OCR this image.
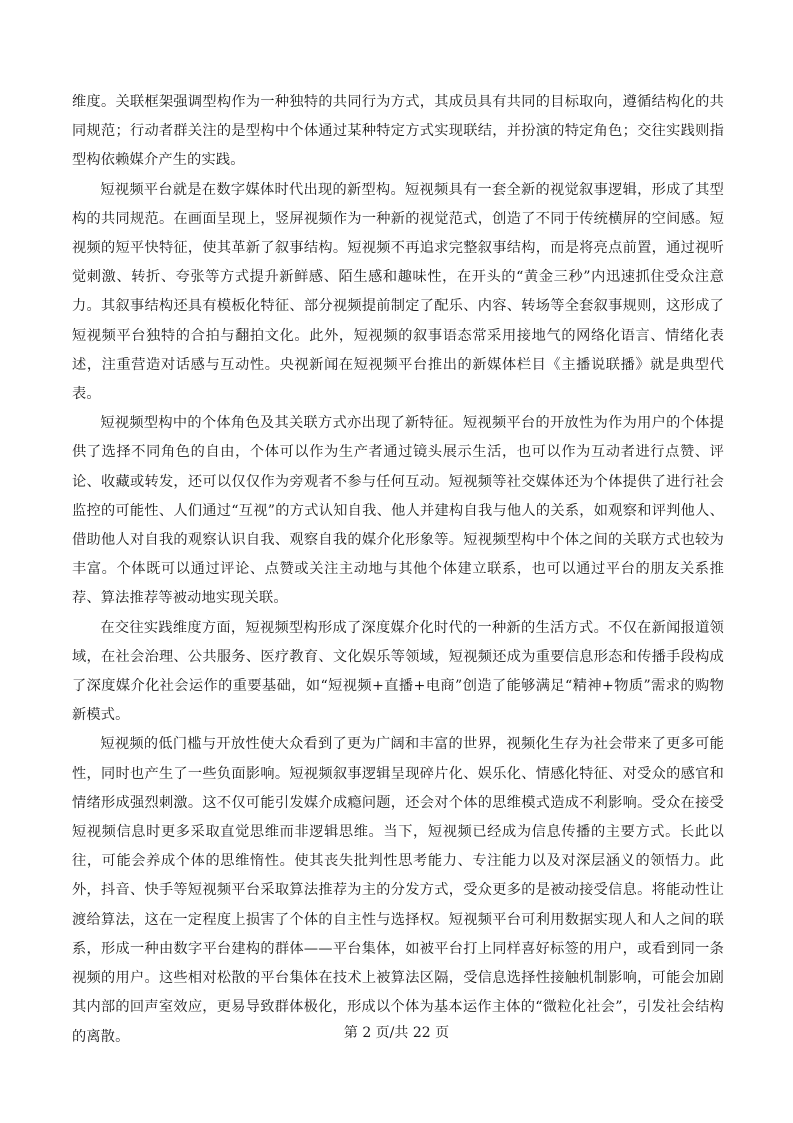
维度。关联框架强调型构作为一种独特的共同行为方式，其成员具有共同的目标取向，遵循结构化的共同规范；行动者群关注的是型构中个体通过某种特定方式实现联结，并扮演的特定角色；交往实践则指型构依赖媒介产生的实践。

短视频平台就是在数字媒体时代出现的新型构。短视频具有一套全新的视觉叙事逻辑，形成了其型构的共同规范。在画面呈现上，竖屏视频作为一种新的视觉范式，创造了不同于传统横屏的空间感。短视频的短平快特征，使其革新了叙事结构。短视频不再追求完整叙事结构，而是将亮点前置，通过视听觉刺激、转折、夸张等方式提升新鲜感、陌生感和趣味性，在开头的“黄金三秒”内迅速抓住受众注意力。其叙事结构还具有模板化特征、部分视频提前制定了配乐、内容、转场等全套叙事规则，这形成了短视频平台独特的合拍与翻拍文化。此外，短视频的叙事语态常采用接地气的网络化语言、情绪化表述，注重营造对话感与互动性。央视新闻在短视频平台推出的新媒体栏目《主播说联播》就是典型代表。

短视频型构中的个体角色及其关联方式亦出现了新特征。短视频平台的开放性为作为用户的个体提供了选择不同角色的自由，个体可以作为生产者通过镜头展示生活，也可以作为互动者进行点赞、评论、收藏或转发，还可以仅仅作为旁观者不参与任何互动。短视频等社交媒体还为个体提供了进行社会监控的可能性、人们通过“互视”的方式认知自我、他人并建构自我与他人的关系，如观察和评判他人、借助他人对自我的观察认识自我、观察自我的媒介化形象等。短视频型构中个体之间的关联方式也较为丰富。个体既可以通过评论、点赞或关注主动地与其他个体建立联系，也可以通过平台的朋友关系推荐、算法推荐等被动地实现关联。

在交往实践维度方面，短视频型构形成了深度媒介化时代的一种新的生活方式。不仅在新闻报道领域，在社会治理、公共服务、医疗教育、文化娱乐等领域，短视频还成为重要信息形态和传播手段构成了深度媒介化社会运作的重要基础，如“短视频+直播+电商”创造了能够满足“精神+物质”需求的购物新模式。

短视频的低门槛与开放性使大众看到了更为广阔和丰富的世界，视频化生存为社会带来了更多可能性，同时也产生了一些负面影响。短视频叙事逻辑呈现碎片化、娱乐化、情感化特征、对受众的感官和情绪形成强烈刺激。这不仅可能引发媒介成瘾问题，还会对个体的思维模式造成不利影响。受众在接受短视频信息时更多采取直觉思维而非逻辑思维。当下，短视频已经成为信息传播的主要方式。长此以往，可能会养成个体的思维惰性。使其丧失批判性思考能力、专注能力以及对深层涵义的领悟力。此外，抖音、快手等短视频平台采取算法推荐为主的分发方式，受众更多的是被动接受信息。将能动性让渡给算法，这在一定程度上损害了个体的自主性与选择权。短视频平台可利用数据实现人和人之间的联系，形成一种由数字平台建构的群体——平台集体，如被平台打上同样喜好标签的用户，或看到同一条视频的用户。这些相对松散的平台集体在技术上被算法区隔，受信息选择性接触机制影响，可能会加剧其内部的回声室效应，更易导致群体极化，形成以个体为基本运作主体的“微粒化社会”，引发社会结构的离散。	第 2 页/共 22 页
